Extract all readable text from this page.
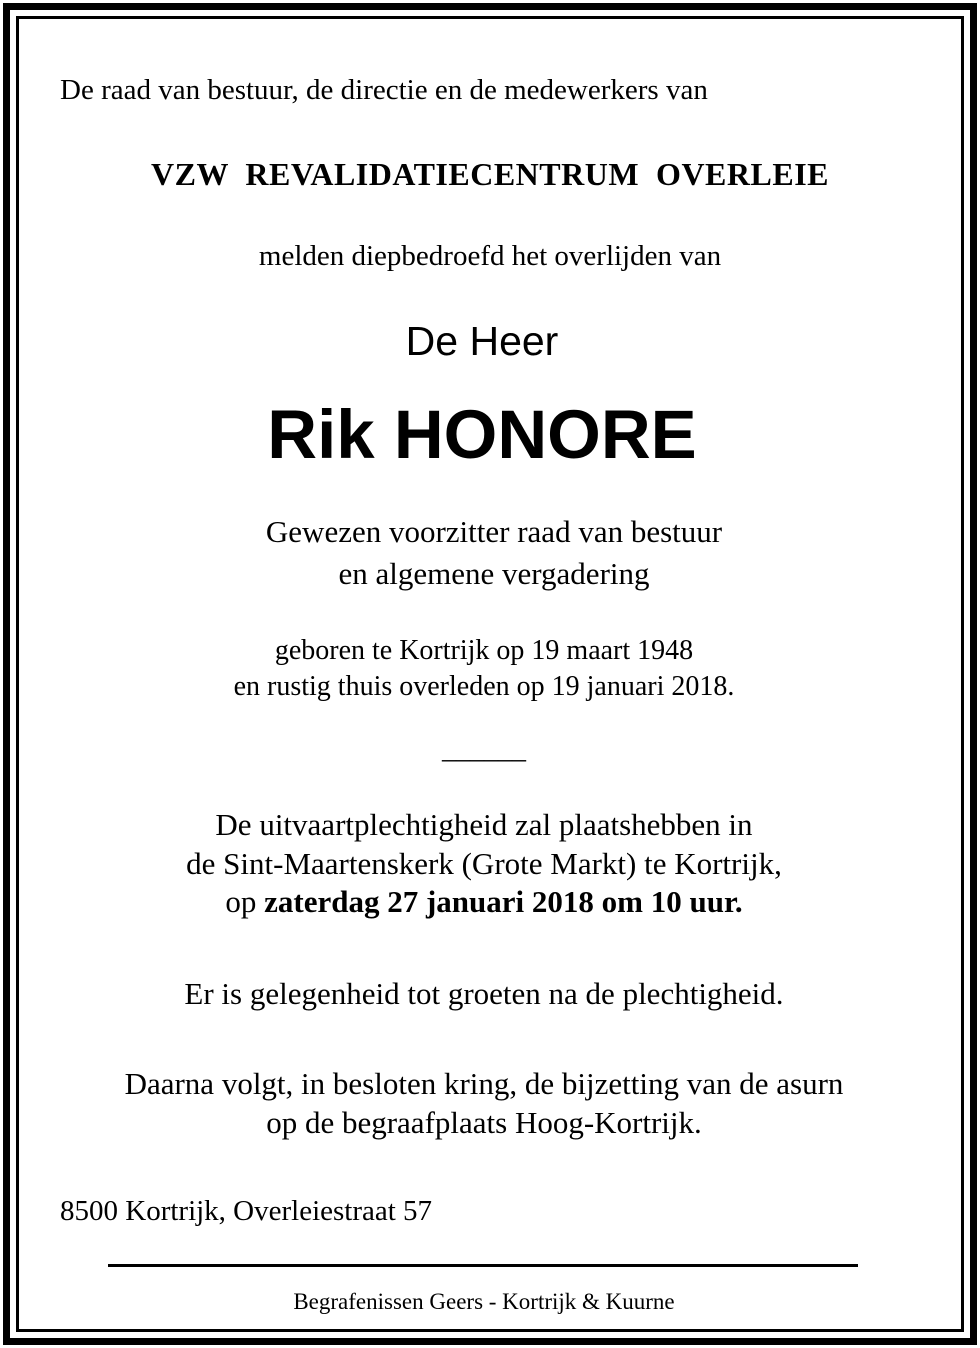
De raad van bestuur, de directie en de medewerkers van

VZW  REVALIDATIECENTRUM  OVERLEIE

melden diepbedroefd het overlijden van

De Heer

Rik HONORE

Gewezen voorzitter raad van bestuur

en algemene vergadering

geboren te Kortrijk op 19 maart 1948

en rustig thuis overleden op 19 januari 2018.

______

De uitvaartplechtigheid zal plaatshebben in

de Sint-Maartenskerk (Grote Markt) te Kortrijk,

op zaterdag 27 januari 2018 om 10 uur.

Er is gelegenheid tot groeten na de plechtigheid.

Daarna volgt, in besloten kring, de bijzetting van de asurn

op de begraafplaats Hoog-Kortrijk.

8500 Kortrijk, Overleiestraat 57

Begrafenissen Geers - Kortrijk & Kuurne
